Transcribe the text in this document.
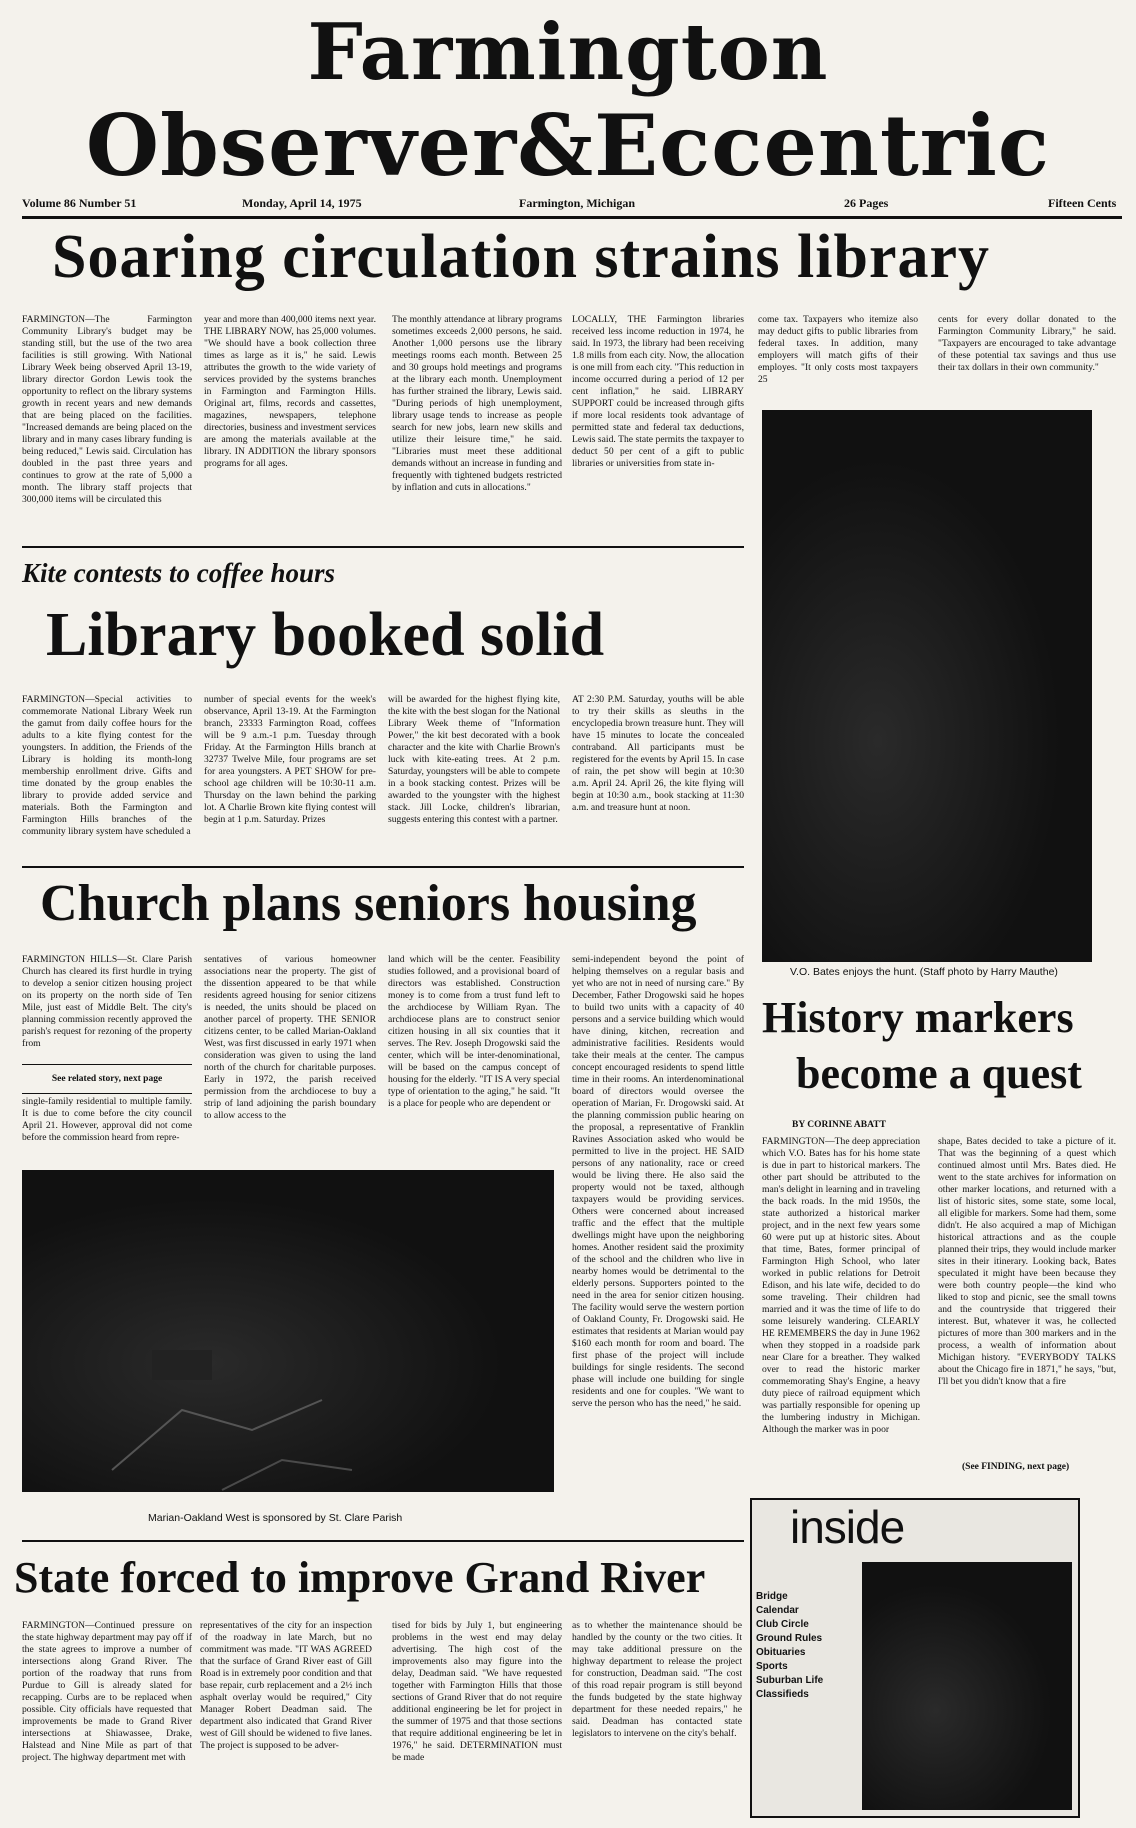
Farmington
Observer&Eccentric
Volume 86 Number 51	Monday, April 14, 1975	Farmington, Michigan	26 Pages	Fifteen Cents
Soaring circulation strains library
FARMINGTON—The Farmington Community Library's budget may be standing still, but the use of the two area facilities is still growing. With National Library Week being observed April 13-19, library director Gordon Lewis took the opportunity to reflect on the library systems growth in recent years and new demands that are being placed on the facilities. "Increased demands are being placed on the library and in many cases library funding is being reduced," Lewis said. Circulation has doubled in the past three years and continues to grow at the rate of 5,000 a month. The library staff projects that 300,000 items will be circulated this
year and more than 400,000 items next year. THE LIBRARY NOW, has 25,000 volumes. "We should have a book collection three times as large as it is," he said. Lewis attributes the growth to the wide variety of services provided by the systems branches in Farmington and Farmington Hills. Original art, films, records and cassettes, magazines, newspapers, telephone directories, business and investment services are among the materials available at the library. IN ADDITION the library sponsors programs for all ages.
The monthly attendance at library programs sometimes exceeds 2,000 persons, he said. Another 1,000 persons use the library meetings rooms each month. Between 25 and 30 groups hold meetings and programs at the library each month. Unemployment has further strained the library, Lewis said. "During periods of high unemployment, library usage tends to increase as people search for new jobs, learn new skills and utilize their leisure time," he said. "Libraries must meet these additional demands without an increase in funding and frequently with tightened budgets restricted by inflation and cuts in allocations."
LOCALLY, THE Farmington libraries received less income reduction in 1974, he said. In 1973, the library had been receiving 1.8 mills from each city. Now, the allocation is one mill from each city. "This reduction in income occurred during a period of 12 per cent inflation," he said. LIBRARY SUPPORT could be increased through gifts if more local residents took advantage of permitted state and federal tax deductions, Lewis said. The state permits the taxpayer to deduct 50 per cent of a gift to public libraries or universities from state in-
come tax. Taxpayers who itemize also may deduct gifts to public libraries from federal taxes. In addition, many employers will match gifts of their employes. "It only costs most taxpayers 25
cents for every dollar donated to the Farmington Community Library," he said. "Taxpayers are encouraged to take advantage of these potential tax savings and thus use their tax dollars in their own community."
V.O. Bates enjoys the hunt. (Staff photo by Harry Mauthe)
Kite contests to coffee hours
Library booked solid
FARMINGTON—Special activities to commemorate National Library Week run the gamut from daily coffee hours for the adults to a kite flying contest for the youngsters. In addition, the Friends of the Library is holding its month-long membership enrollment drive. Gifts and time donated by the group enables the library to provide added service and materials. Both the Farmington and Farmington Hills branches of the community library system have scheduled a
number of special events for the week's observance, April 13-19. At the Farmington branch, 23333 Farmington Road, coffees will be 9 a.m.-1 p.m. Tuesday through Friday. At the Farmington Hills branch at 32737 Twelve Mile, four programs are set for area youngsters. A PET SHOW for pre-school age children will be 10:30-11 a.m. Thursday on the lawn behind the parking lot. A Charlie Brown kite flying contest will begin at 1 p.m. Saturday. Prizes
will be awarded for the highest flying kite, the kite with the best slogan for the National Library Week theme of "Information Power," the kit best decorated with a book character and the kite with Charlie Brown's luck with kite-eating trees. At 2 p.m. Saturday, youngsters will be able to compete in a book stacking contest. Prizes will be awarded to the youngster with the highest stack. Jill Locke, children's librarian, suggests entering this contest with a partner.
AT 2:30 P.M. Saturday, youths will be able to try their skills as sleuths in the encyclopedia brown treasure hunt. They will have 15 minutes to locate the concealed contraband. All participants must be registered for the events by April 15. In case of rain, the pet show will begin at 10:30 a.m. April 24. April 26, the kite flying will begin at 10:30 a.m., book stacking at 11:30 a.m. and treasure hunt at noon.
Church plans seniors housing
FARMINGTON HILLS—St. Clare Parish Church has cleared its first hurdle in trying to develop a senior citizen housing project on its property on the north side of Ten Mile, just east of Middle Belt. The city's planning commission recently approved the parish's request for rezoning of the property from
See related story, next page
single-family residential to multiple family. It is due to come before the city council April 21. However, approval did not come before the commission heard from repre-
sentatives of various homeowner associations near the property. The gist of the dissention appeared to be that while residents agreed housing for senior citizens is needed, the units should be placed on another parcel of property. THE SENIOR citizens center, to be called Marian-Oakland West, was first discussed in early 1971 when consideration was given to using the land north of the church for charitable purposes. Early in 1972, the parish received permission from the archdiocese to buy a strip of land adjoining the parish boundary to allow access to the
land which will be the center. Feasibility studies followed, and a provisional board of directors was established. Construction money is to come from a trust fund left to the archdiocese by William Ryan. The archdiocese plans are to construct senior citizen housing in all six counties that it serves. The Rev. Joseph Drogowski said the center, which will be inter-denominational, will be based on the campus concept of housing for the elderly. "IT IS A very special type of orientation to the aging," he said. "It is a place for people who are dependent or
semi-independent beyond the point of helping themselves on a regular basis and yet who are not in need of nursing care." By December, Father Drogowski said he hopes to build two units with a capacity of 40 persons and a service building which would have dining, kitchen, recreation and administrative facilities. Residents would take their meals at the center. The campus concept encouraged residents to spend little time in their rooms. An interdenominational board of directors would oversee the operation of Marian, Fr. Drogowski said. At the planning commission public hearing on the proposal, a representative of Franklin Ravines Association asked who would be permitted to live in the project. HE SAID persons of any nationality, race or creed would be living there. He also said the property would not be taxed, although taxpayers would be providing services. Others were concerned about increased traffic and the effect that the multiple dwellings might have upon the neighboring homes. Another resident said the proximity of the school and the children who live in nearby homes would be detrimental to the elderly persons. Supporters pointed to the need in the area for senior citizen housing. The facility would serve the western portion of Oakland County, Fr. Drogowski said. He estimates that residents at Marian would pay $160 each month for room and board. The first phase of the project will include buildings for single residents. The second phase will include one building for single residents and one for couples. "We want to serve the person who has the need," he said.
Marian-Oakland West is sponsored by St. Clare Parish
History markers
become a quest
BY CORINNE ABATT
FARMINGTON—The deep appreciation which V.O. Bates has for his home state is due in part to historical markers. The other part should be attributed to the man's delight in learning and in traveling the back roads. In the mid 1950s, the state authorized a historical marker project, and in the next few years some 60 were put up at historic sites. About that time, Bates, former principal of Farmington High School, who later worked in public relations for Detroit Edison, and his late wife, decided to do some traveling. Their children had married and it was the time of life to do some leisurely wandering. CLEARLY HE REMEMBERS the day in June 1962 when they stopped in a roadside park near Clare for a breather. They walked over to read the historic marker commemorating Shay's Engine, a heavy duty piece of railroad equipment which was partially responsible for opening up the lumbering industry in Michigan. Although the marker was in poor
shape, Bates decided to take a picture of it. That was the beginning of a quest which continued almost until Mrs. Bates died. He went to the state archives for information on other marker locations, and returned with a list of historic sites, some state, some local, all eligible for markers. Some had them, some didn't. He also acquired a map of Michigan historical attractions and as the couple planned their trips, they would include marker sites in their itinerary. Looking back, Bates speculated it might have been because they were both country people—the kind who liked to stop and picnic, see the small towns and the countryside that triggered their interest. But, whatever it was, he collected pictures of more than 300 markers and in the process, a wealth of information about Michigan history. "EVERYBODY TALKS about the Chicago fire in 1871," he says, "but, I'll bet you didn't know that a fire
(See FINDING, next page)
inside
Bridge
Calendar
Club Circle
Ground Rules
Obituaries
Sports
Suburban Life
Classifieds
State forced to improve Grand River
FARMINGTON—Continued pressure on the state highway department may pay off if the state agrees to improve a number of intersections along Grand River. The portion of the roadway that runs from Purdue to Gill is already slated for recapping. Curbs are to be replaced when possible. City officials have requested that improvements be made to Grand River intersections at Shiawassee, Drake, Halstead and Nine Mile as part of that project. The highway department met with
representatives of the city for an inspection of the roadway in late March, but no commitment was made. "IT WAS AGREED that the surface of Grand River east of Gill Road is in extremely poor condition and that base repair, curb replacement and a 2½ inch asphalt overlay would be required," City Manager Robert Deadman said. The department also indicated that Grand River west of Gill should be widened to five lanes. The project is supposed to be adver-
tised for bids by July 1, but engineering problems in the west end may delay advertising. The high cost of the improvements also may figure into the delay, Deadman said. "We have requested together with Farmington Hills that those sections of Grand River that do not require additional engineering be let for project in the summer of 1975 and that those sections that require additional engineering be let in 1976," he said. DETERMINATION must be made
as to whether the maintenance should be handled by the county or the two cities. It may take additional pressure on the highway department to release the project for construction, Deadman said. "The cost of this road repair program is still beyond the funds budgeted by the state highway department for these needed repairs," he said. Deadman has contacted state legislators to intervene on the city's behalf.
